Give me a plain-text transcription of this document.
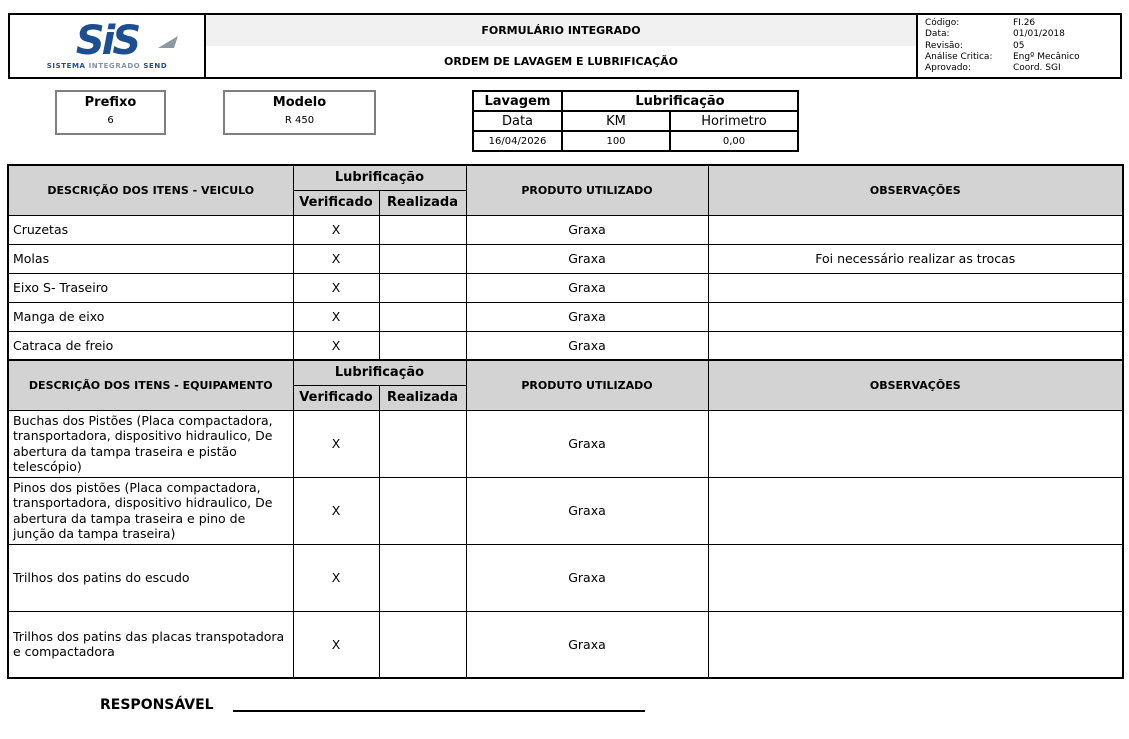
SiS
SISTEMA INTEGRADO SEND
FORMULÁRIO INTEGRADO
ORDEM DE LAVAGEM E LUBRIFICAÇÃO
Código:	FI.26
Data:	01/01/2018
Revisão:	05
Análise Critica:	Engº Mecânico
Aprovado:	Coord. SGI
Prefixo
6
Modelo
R 450
Lavagem	Lubrificação	
Data	KM	Horimetro
16/04/2026	100	0,00
DESCRIÇÃO DOS ITENS - VEICULO	Lubrificação		PRODUTO UTILIZADO	OBSERVAÇÕES
	Verificado	Realizada		
Cruzetas	X		Graxa	
Molas	X		Graxa	Foi necessário realizar as trocas
Eixo S- Traseiro	X		Graxa	
Manga de eixo	X		Graxa	
Catraca de freio	X		Graxa	
DESCRIÇÃO DOS ITENS - EQUIPAMENTO	Lubrificação		PRODUTO UTILIZADO	OBSERVAÇÕES
	Verificado	Realizada		
Buchas dos Pistões (Placa compactadora, transportadora, dispositivo hidraulico, De abertura da tampa traseira e pistão telescópio)	X		Graxa	
Pinos dos pistões (Placa compactadora, transportadora, dispositivo hidraulico, De abertura da tampa traseira e pino de junção da tampa traseira)	X		Graxa	
Trilhos dos patins do escudo	X		Graxa	
Trilhos dos patins das placas transpotadora e compactadora	X		Graxa	
RESPONSÁVEL
